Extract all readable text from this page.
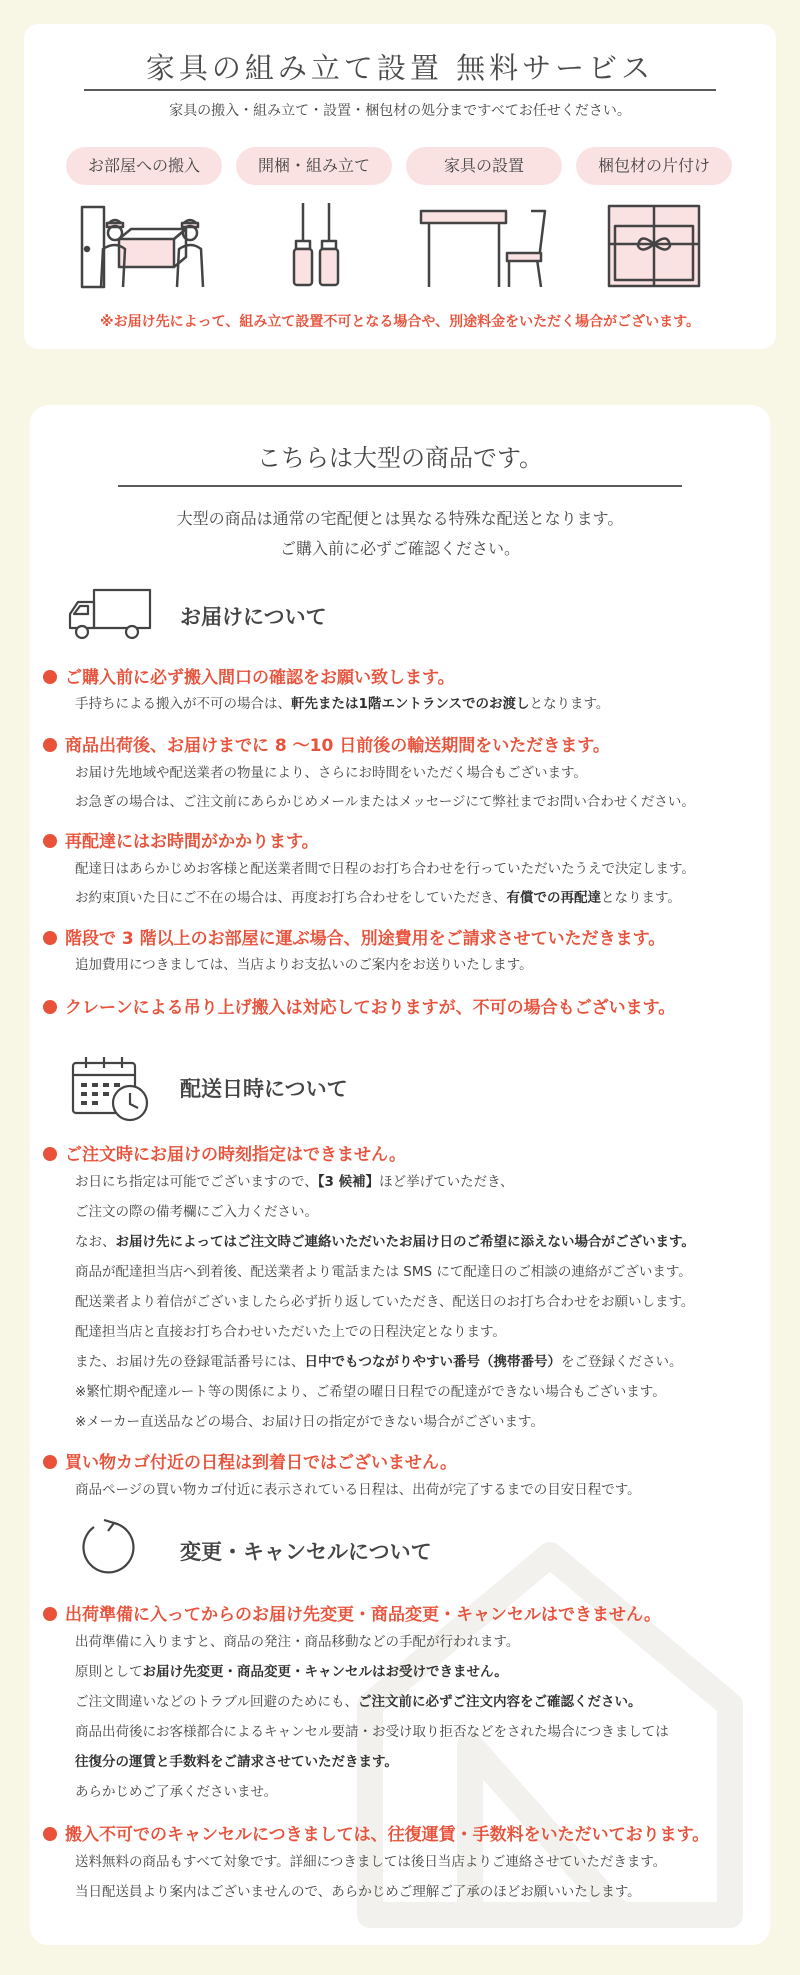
家具の組み立て設置 無料サービス
家具の搬入・組み立て・設置・梱包材の処分まですべてお任せください。
お部屋への搬入	開梱・組み立て	家具の設置	梱包材の片付け
※お届け先によって、組み立て設置不可となる場合や、別途料金をいただく場合がございます。
こちらは大型の商品です。
大型の商品は通常の宅配便とは異なる特殊な配送となります。
ご購入前に必ずご確認ください。
お届けについて
ご購入前に必ず搬入間口の確認をお願い致します。
手持ちによる搬入が不可の場合は、軒先または1階エントランスでのお渡しとなります。
商品出荷後、お届けまでに 8 〜10 日前後の輸送期間をいただきます。
お届け先地域や配送業者の物量により、さらにお時間をいただく場合もございます。
お急ぎの場合は、ご注文前にあらかじめメールまたはメッセージにて弊社までお問い合わせください。
再配達にはお時間がかかります。
配達日はあらかじめお客様と配送業者間で日程のお打ち合わせを行っていただいたうえで決定します。
お約束頂いた日にご不在の場合は、再度お打ち合わせをしていただき、有償での再配達となります。
階段で 3 階以上のお部屋に運ぶ場合、別途費用をご請求させていただきます。
追加費用につきましては、当店よりお支払いのご案内をお送りいたします。
クレーンによる吊り上げ搬入は対応しておりますが、不可の場合もございます。
配送日時について
ご注文時にお届けの時刻指定はできません。
お日にち指定は可能でございますので、【3 候補】ほど挙げていただき、
ご注文の際の備考欄にご入力ください。
なお、お届け先によってはご注文時ご連絡いただいたお届け日のご希望に添えない場合がございます。
商品が配達担当店へ到着後、配送業者より電話または SMS にて配達日のご相談の連絡がございます。
配送業者より着信がございましたら必ず折り返していただき、配送日のお打ち合わせをお願いします。
配達担当店と直接お打ち合わせいただいた上での日程決定となります。
また、お届け先の登録電話番号には、日中でもつながりやすい番号（携帯番号）をご登録ください。
※繁忙期や配達ルート等の関係により、ご希望の曜日日程での配達ができない場合もございます。
※メーカー直送品などの場合、お届け日の指定ができない場合がございます。
買い物カゴ付近の日程は到着日ではございません。
商品ページの買い物カゴ付近に表示されている日程は、出荷が完了するまでの目安日程です。
変更・キャンセルについて
出荷準備に入ってからのお届け先変更・商品変更・キャンセルはできません。
出荷準備に入りますと、商品の発注・商品移動などの手配が行われます。
原則としてお届け先変更・商品変更・キャンセルはお受けできません。
ご注文間違いなどのトラブル回避のためにも、ご注文前に必ずご注文内容をご確認ください。
商品出荷後にお客様都合によるキャンセル要請・お受け取り拒否などをされた場合につきましては
往復分の運賃と手数料をご請求させていただきます。
あらかじめご了承くださいませ。
搬入不可でのキャンセルにつきましては、往復運賃・手数料をいただいております。
送料無料の商品もすべて対象です。詳細につきましては後日当店よりご連絡させていただきます。
当日配送員より案内はございませんので、あらかじめご理解ご了承のほどお願いいたします。
